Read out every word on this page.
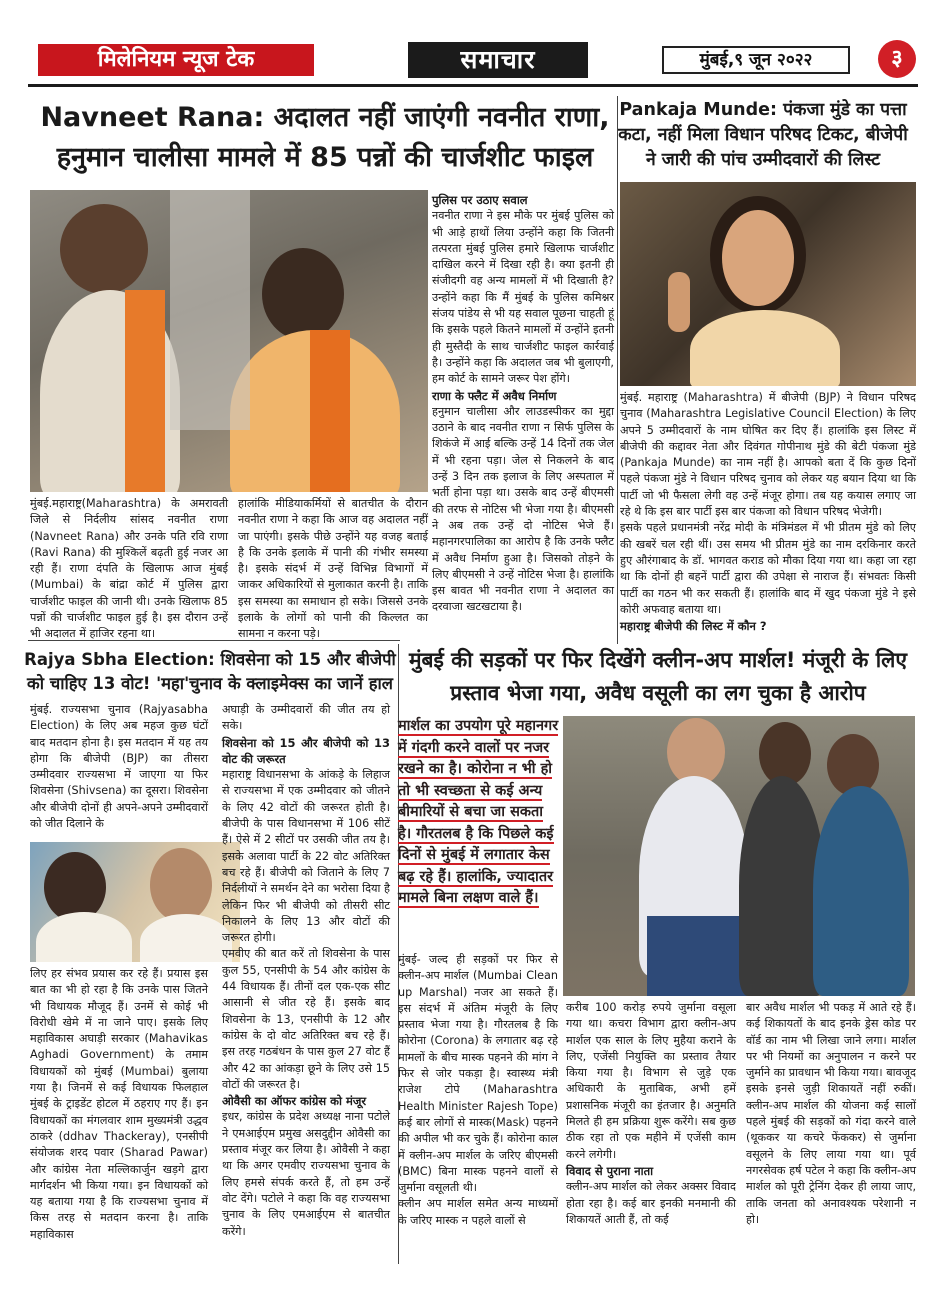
मिलेनियम न्यूज टेक	समाचार	मुंबई,९ जून २०२२	३
Navneet Rana: अदालत नहीं जाएंगी नवनीत राणा,
हनुमान चालीसा मामले में 85 पन्नों की चार्जशीट फाइल
मुंबई.महाराष्ट्र(Maharashtra) के अमरावती जिले से निर्दलीय सांसद नवनीत राणा (Navneet Rana) और उनके पति रवि राणा (Ravi Rana) की मुश्किलें बढ़ती हुई नजर आ रही हैं। राणा दंपति के खिलाफ आज मुंबई (Mumbai) के बांद्रा कोर्ट में पुलिस द्वारा चार्जशीट फाइल की जानी थी। उनके खिलाफ 85 पन्नों की चार्जशीट फाइल हुई है। इस दौरान उन्हें भी अदालत में हाजिर रहना था।
हालांकि मीडियाकर्मियों से बातचीत के दौरान नवनीत राणा ने कहा कि आज वह अदालत नहीं जा पाएंगी। इसके पीछे उन्होंने यह वजह बताई है कि उनके इलाके में पानी की गंभीर समस्या है। इसके संदर्भ में उन्हें विभिन्न विभागों में जाकर अधिकारियों से मुलाकात करनी है। ताकि इस समस्या का समाधान हो सके। जिससे उनके इलाके के लोगों को पानी की किल्लत का सामना न करना पड़े।

पुलिस पर उठाए सवाल

नवनीत राणा ने इस मौके पर मुंबई पुलिस को भी आड़े हाथों लिया उन्होंने कहा कि जितनी तत्परता मुंबई पुलिस हमारे खिलाफ चार्जशीट दाखिल करने में दिखा रही है। क्या इतनी ही संजीदगी वह अन्य मामलों में भी दिखाती है? उन्होंने कहा कि मैं मुंबई के पुलिस कमिश्नर संजय पांडेय से भी यह सवाल पूछना चाहती हूं कि इसके पहले कितने मामलों में उन्होंने इतनी ही मुस्तैदी के साथ चार्जशीट फाइल कार्रवाई है। उन्होंने कहा कि अदालत जब भी बुलाएगी, हम कोर्ट के सामने जरूर पेश होंगे।

राणा के फ्लैट में अवैध निर्माण

हनुमान चालीसा और लाउडस्पीकर का मुद्दा उठाने के बाद नवनीत राणा न सिर्फ पुलिस के शिकंजे में आई बल्कि उन्हें 14 दिनों तक जेल में भी रहना पड़ा। जेल से निकलने के बाद उन्हें 3 दिन तक इलाज के लिए अस्पताल में भर्ती होना पड़ा था। उसके बाद उन्हें बीएमसी की तरफ से नोटिस भी भेजा गया है। बीएमसी ने अब तक उन्हें दो नोटिस भेजे हैं। महानगरपालिका का आरोप है कि उनके फ्लैट में अवैध निर्माण हुआ है। जिसको तोड़ने के लिए बीएमसी ने उन्हें नोटिस भेजा है। हालांकि इस बावत भी नवनीत राणा ने अदालत का दरवाजा खटखटाया है।

Pankaja Munde: पंकजा मुंडे का पत्ता कटा, नहीं मिला विधान परिषद टिकट, बीजेपी ने जारी की पांच उम्मीदवारों की लिस्ट

मुंबई. महाराष्ट्र (Maharashtra) में बीजेपी (BJP) ने विधान परिषद चुनाव (Maharashtra Legislative Council Election) के लिए अपने 5 उम्मीदवारों के नाम घोषित कर दिए हैं। हालांकि इस लिस्ट में बीजेपी की कद्दावर नेता और दिवंगत गोपीनाथ मुंडे की बेटी पंकजा मुंडे (Pankaja Munde) का नाम नहीं है। आपको बता दें कि कुछ दिनों पहले पंकजा मुंडे ने विधान परिषद चुनाव को लेकर यह बयान दिया था कि पार्टी जो भी फैसला लेगी वह उन्हें मंजूर होगा। तब यह कयास लगाए जा रहे थे कि इस बार पार्टी इस बार पंकजा को विधान परिषद भेजेगी।

इसके पहले प्रधानमंत्री नरेंद्र मोदी के मंत्रिमंडल में भी प्रीतम मुंडे को लिए की खबरें चल रही थीं। उस समय भी प्रीतम मुंडे का नाम दरकिनार करते हुए औरंगाबाद के डॉ. भागवत कराड को मौका दिया गया था। कहा जा रहा था कि दोनों ही बहनें पार्टी द्वारा की उपेक्षा से नाराज हैं। संभवतः किसी पार्टी का गठन भी कर सकती हैं। हालांकि बाद में खुद पंकजा मुंडे ने इसे कोरी अफवाह बताया था।

महाराष्ट्र बीजेपी की लिस्ट में कौन ?

Rajya Sbha Election: शिवसेना को 15 और बीजेपी को चाहिए 13 वोट! 'महा'चुनाव के क्लाइमेक्स का जानें हाल
मुंबई. राज्यसभा चुनाव (Rajyasabha Election) के लिए अब महज कुछ घंटों बाद मतदान होना है। इस मतदान में यह तय होगा कि बीजेपी (BJP) का तीसरा उम्मीदवार राज्यसभा में जाएगा या फिर शिवसेना (Shivsena) का दूसरा। शिवसेना और बीजेपी दोनों ही अपने-अपने उम्मीदवारों को जीत दिलाने के
लिए हर संभव प्रयास कर रहे हैं। प्रयास इस बात का भी हो रहा है कि उनके पास जितने भी विधायक मौजूद हैं। उनमें से कोई भी विरोधी खेमे में ना जाने पाए। इसके लिए महाविकास अघाड़ी सरकार (Mahavikas Aghadi Government) के तमाम विधायकों को मुंबई (Mumbai) बुलाया गया है। जिनमें से कई विधायक फिलहाल मुंबई के ट्राइडेंट होटल में ठहराए गए हैं। इन विधायकों का मंगलवार शाम मुख्यमंत्री उद्धव ठाकरे (ddhav Thackeray), एनसीपी संयोजक शरद पवार (Sharad Pawar) और कांग्रेस नेता मल्लिकार्जुन खड़गे द्वारा मार्गदर्शन भी किया गया। इन विधायकों को यह बताया गया है कि राज्यसभा चुनाव में किस तरह से मतदान करना है। ताकि महाविकास

अघाड़ी के उम्मीदवारों की जीत तय हो सके।

शिवसेना को 15 और बीजेपी को 13 वोट की जरूरत

महाराष्ट्र विधानसभा के आंकड़े के लिहाज से राज्यसभा में एक उम्मीदवार को जीतने के लिए 42 वोटों की जरूरत होती है। बीजेपी के पास विधानसभा में 106 सीटें हैं। ऐसे में 2 सीटों पर उसकी जीत तय है। इसके अलावा पार्टी के 22 वोट अतिरिक्त बच रहे हैं। बीजेपी को जिताने के लिए 7 निर्दलीयों ने समर्थन देने का भरोसा दिया है लेकिन फिर भी बीजेपी को तीसरी सीट निकालने के लिए 13 और वोटों की जरूरत होगी।

एमवीए की बात करें तो शिवसेना के पास कुल 55, एनसीपी के 54 और कांग्रेस के 44 विधायक हैं। तीनों दल एक-एक सीट आसानी से जीत रहे हैं। इसके बाद शिवसेना के 13, एनसीपी के 12 और कांग्रेस के दो वोट अतिरिक्त बच रहे हैं। इस तरह गठबंधन के पास कुल 27 वोट हैं और 42 का आंकड़ा छूने के लिए उसे 15 वोटों की जरूरत है।

ओवैसी का ऑफर कांग्रेस को मंजूर

इधर, कांग्रेस के प्रदेश अध्यक्ष नाना पटोले ने एमआईएम प्रमुख असदुद्दीन ओवैसी का प्रस्ताव मंजूर कर लिया है। ओवैसी ने कहा था कि अगर एमवीए राज्यसभा चुनाव के लिए हमसे संपर्क करते हैं, तो हम उन्हें वोट देंगे। पटोले ने कहा कि वह राज्यसभा चुनाव के लिए एमआईएम से बातचीत करेंगे।

मुंबई की सड़कों पर फिर दिखेंगे क्लीन-अप मार्शल! मंजूरी के लिए
प्रस्ताव भेजा गया, अवैध वसूली का लग चुका है आरोप
मार्शल का उपयोग पूरे महानगर में गंदगी करने वालों पर नजर रखने का है। कोरोना न भी हो तो भी स्वच्छता से कई अन्य बीमारियों से बचा जा सकता है। गौरतलब है कि पिछले कई दिनों से मुंबई में लगातार केस बढ़ रहे हैं। हालांकि, ज्यादातर मामले बिना लक्षण वाले हैं।

मुंबई- जल्द ही सड़कों पर फिर से क्लीन-अप मार्शल (Mumbai Clean up Marshal) नजर आ सकते हैं। इस संदर्भ में अंतिम मंजूरी के लिए प्रस्ताव भेजा गया है। गौरतलब है कि कोरोना (Corona) के लगातार बढ़ रहे मामलों के बीच मास्क पहनने की मांग ने फिर से जोर पकड़ा है। स्वास्थ्य मंत्री राजेश टोपे (Maharashtra Health Minister Rajesh Tope) कई बार लोगों से मास्क(Mask) पहनने की अपील भी कर चुके हैं। कोरोना काल में क्लीन-अप मार्शल के जरिए बीएमसी (BMC) बिना मास्क पहनने वालों से जुर्माना वसूलती थी।

क्लीन अप मार्शल समेत अन्य माध्यमों के जरिए मास्क न पहले वालों से

करीब 100 करोड़ रुपये जुर्माना वसूला गया था। कचरा विभाग द्वारा क्लीन-अप मार्शल एक साल के लिए मुहैया कराने के लिए, एजेंसी नियुक्ति का प्रस्ताव तैयार किया गया है। विभाग से जुड़े एक अधिकारी के मुताबिक, अभी हमें प्रशासनिक मंजूरी का इंतजार है। अनुमति मिलते ही हम प्रक्रिया शुरू करेंगे। सब कुछ ठीक रहा तो एक महीने में एजेंसी काम करने लगेगी।

विवाद से पुराना नाता

क्लीन-अप मार्शल को लेकर अक्सर विवाद होता रहा है। कई बार इनकी मनमानी की शिकायतें आती हैं, तो कई

बार अवैध मार्शल भी पकड़ में आते रहे हैं। कई शिकायतों के बाद इनके ड्रेस कोड पर वॉर्ड का नाम भी लिखा जाने लगा। मार्शल पर भी नियमों का अनुपालन न करने पर जुर्माने का प्रावधान भी किया गया। बावजूद इसके इनसे जुड़ी शिकायतें नहीं रुकीं। क्लीन-अप मार्शल की योजना कई सालों पहले मुंबई की सड़कों को गंदा करने वाले (थूककर या कचरे फेंककर) से जुर्माना वसूलने के लिए लाया गया था। पूर्व नगरसेवक हर्ष पटेल ने कहा कि क्लीन-अप मार्शल को पूरी ट्रेनिंग देकर ही लाया जाए, ताकि जनता को अनावश्यक परेशानी न हो।
